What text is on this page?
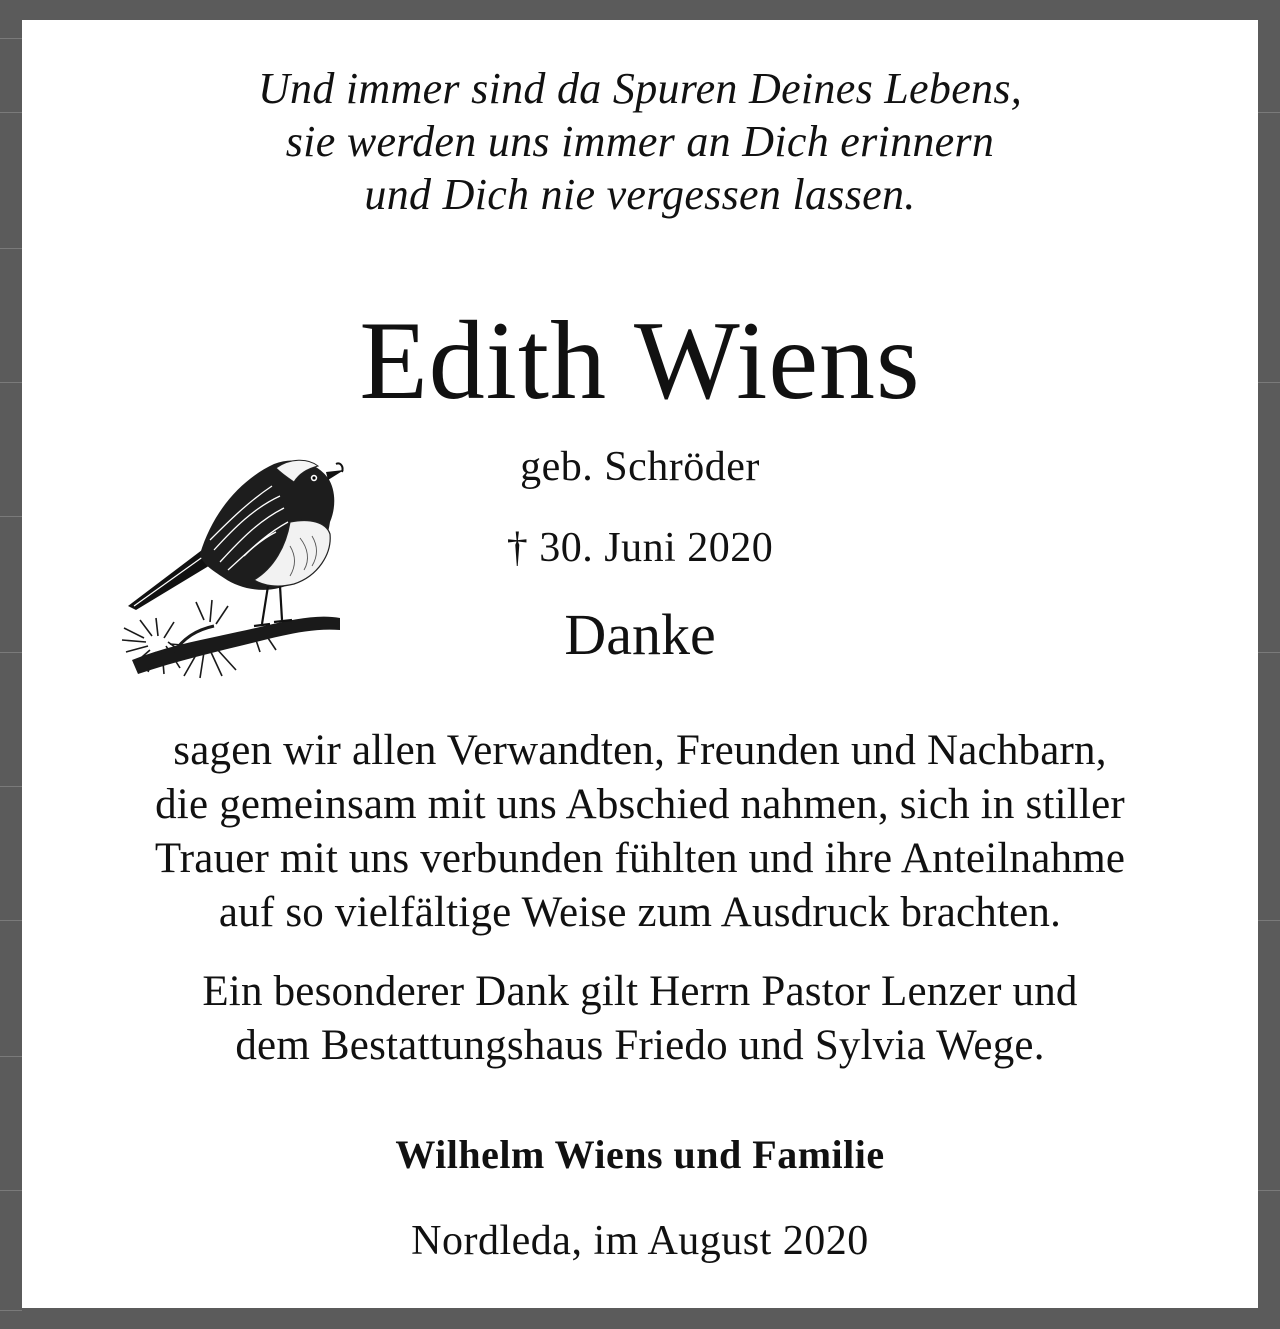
Und immer sind da Spuren Deines Lebens,
sie werden uns immer an Dich erinnern
und Dich nie vergessen lassen.

Edith Wiens

geb. Schröder

† 30. Juni 2020

Danke

sagen wir allen Verwandten, Freunden und Nachbarn,
die gemeinsam mit uns Abschied nahmen, sich in stiller
Trauer mit uns verbunden fühlten und ihre Anteilnahme
auf so vielfältige Weise zum Ausdruck brachten.

Ein besonderer Dank gilt Herrn Pastor Lenzer und
dem Bestattungshaus Friedo und Sylvia Wege.

Wilhelm Wiens und Familie

Nordleda, im August 2020
